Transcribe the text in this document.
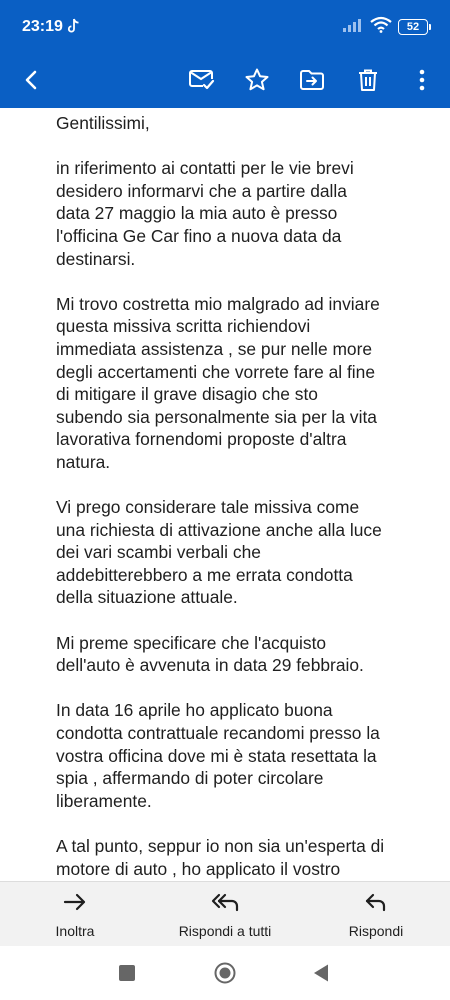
23:19	52

Gentilissimi,

in riferimento ai contatti per le vie brevi
desidero informarvi che a partire dalla
data 27 maggio la mia auto è presso
l'officina Ge Car fino a nuova data da
destinarsi.

Mi trovo costretta mio malgrado ad inviare
questa missiva scritta richiendovi
immediata assistenza , se pur nelle more
degli accertamenti che vorrete fare al fine
di mitigare il grave disagio che sto
subendo sia personalmente sia per la vita
lavorativa fornendomi proposte d'altra
natura.

Vi prego considerare tale missiva come
una richiesta di attivazione anche alla luce
dei vari scambi verbali che
addebitterebbero a me errata condotta
della situazione attuale.

Mi preme specificare che l'acquisto
dell'auto è avvenuta in data 29 febbraio.

In data 16 aprile ho applicato buona
condotta contrattuale recandomi presso la
vostra officina dove mi è stata resettata la
spia , affermando di poter circolare
liberamente.

A tal punto, seppur io non sia un'esperta di
motore di auto , ho applicato il vostro

Inoltra	Rispondi a tutti	Rispondi
